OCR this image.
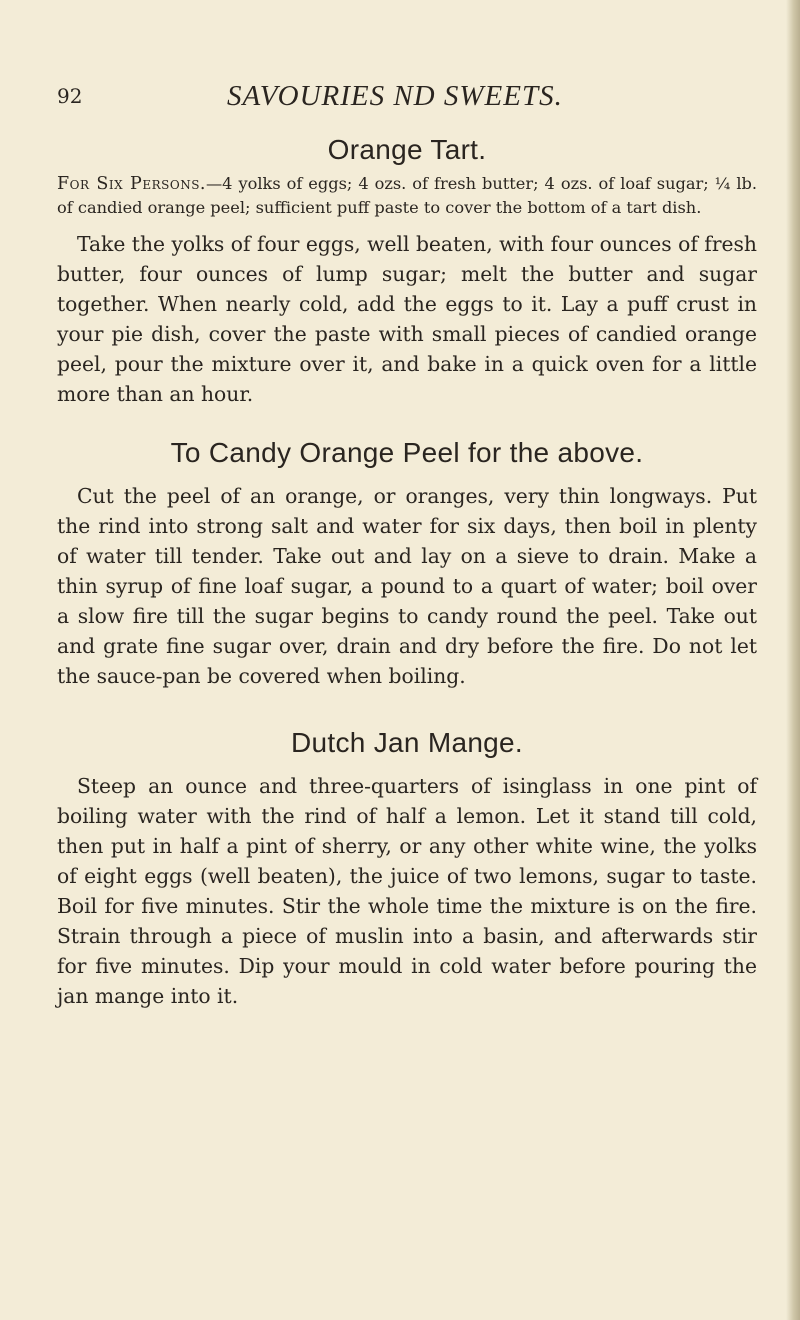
92	SAVOURIES ND SWEETS.
Orange Tart.

For Six Persons.—4 yolks of eggs; 4 ozs. of fresh butter; 4 ozs. of loaf sugar; ¼ lb. of candied orange peel; sufficient puff paste to cover the bottom of a tart dish.

Take the yolks of four eggs, well beaten, with four ounces of fresh butter, four ounces of lump sugar; melt the butter and sugar together. When nearly cold, add the eggs to it. Lay a puff crust in your pie dish, cover the paste with small pieces of candied orange peel, pour the mixture over it, and bake in a quick oven for a little more than an hour.

To Candy Orange Peel for the above.

Cut the peel of an orange, or oranges, very thin longways. Put the rind into strong salt and water for six days, then boil in plenty of water till tender. Take out and lay on a sieve to drain. Make a thin syrup of fine loaf sugar, a pound to a quart of water; boil over a slow fire till the sugar begins to candy round the peel. Take out and grate fine sugar over, drain and dry before the fire. Do not let the sauce-pan be covered when boiling.

Dutch Jan Mange.

Steep an ounce and three-quarters of isinglass in one pint of boiling water with the rind of half a lemon. Let it stand till cold, then put in half a pint of sherry, or any other white wine, the yolks of eight eggs (well beaten), the juice of two lemons, sugar to taste. Boil for five minutes. Stir the whole time the mixture is on the fire. Strain through a piece of muslin into a basin, and afterwards stir for five minutes. Dip your mould in cold water before pouring the jan mange into it.
